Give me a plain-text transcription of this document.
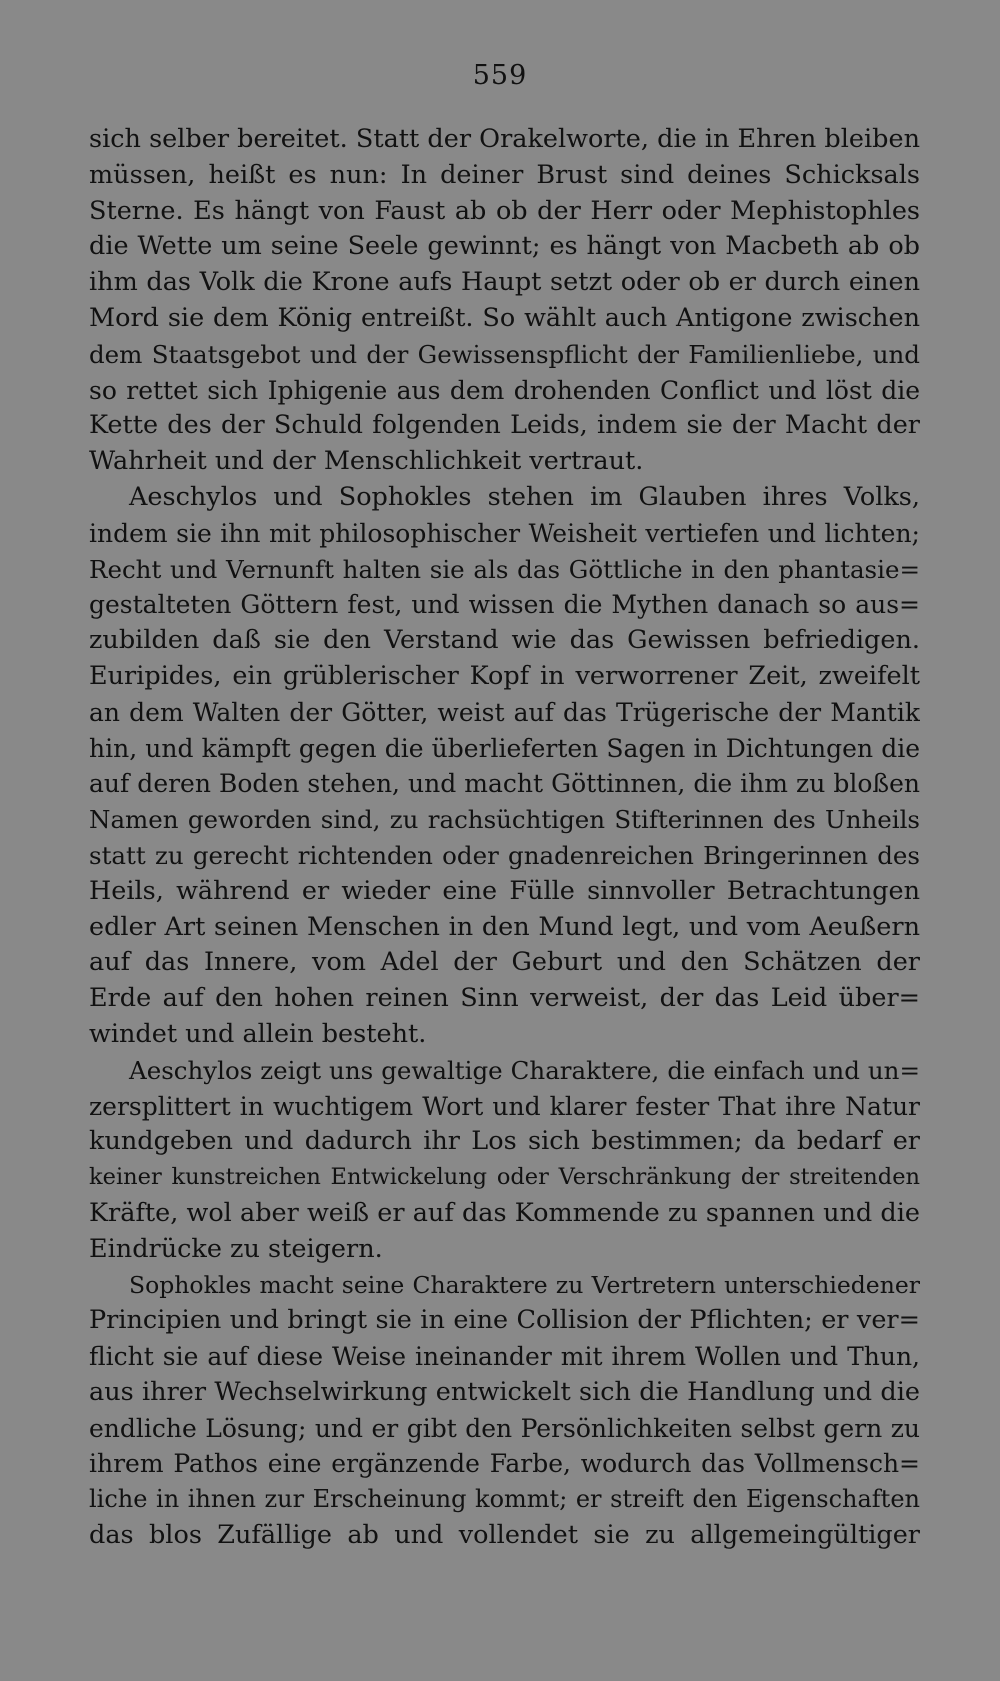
559
sich selber bereitet. Statt der Orakelworte, die in Ehren bleiben
müssen, heißt es nun: In deiner Brust sind deines Schicksals
Sterne. Es hängt von Faust ab ob der Herr oder Mephistophles
die Wette um seine Seele gewinnt; es hängt von Macbeth ab ob
ihm das Volk die Krone aufs Haupt setzt oder ob er durch einen
Mord sie dem König entreißt. So wählt auch Antigone zwischen
dem Staatsgebot und der Gewissenspflicht der Familienliebe, und
so rettet sich Iphigenie aus dem drohenden Conflict und löst die
Kette des der Schuld folgenden Leids, indem sie der Macht der
Wahrheit und der Menschlichkeit vertraut.
Aeschylos und Sophokles stehen im Glauben ihres Volks,
indem sie ihn mit philosophischer Weisheit vertiefen und lichten;
Recht und Vernunft halten sie als das Göttliche in den phantasie=
gestalteten Göttern fest, und wissen die Mythen danach so aus=
zubilden daß sie den Verstand wie das Gewissen befriedigen.
Euripides, ein grüblerischer Kopf in verworrener Zeit, zweifelt
an dem Walten der Götter, weist auf das Trügerische der Mantik
hin, und kämpft gegen die überlieferten Sagen in Dichtungen die
auf deren Boden stehen, und macht Göttinnen, die ihm zu bloßen
Namen geworden sind, zu rachsüchtigen Stifterinnen des Unheils
statt zu gerecht richtenden oder gnadenreichen Bringerinnen des
Heils, während er wieder eine Fülle sinnvoller Betrachtungen
edler Art seinen Menschen in den Mund legt, und vom Aeußern
auf das Innere, vom Adel der Geburt und den Schätzen der
Erde auf den hohen reinen Sinn verweist, der das Leid über=
windet und allein besteht.
Aeschylos zeigt uns gewaltige Charaktere, die einfach und un=
zersplittert in wuchtigem Wort und klarer fester That ihre Natur
kundgeben und dadurch ihr Los sich bestimmen; da bedarf er
keiner kunstreichen Entwickelung oder Verschränkung der streitenden
Kräfte, wol aber weiß er auf das Kommende zu spannen und die
Eindrücke zu steigern.
Sophokles macht seine Charaktere zu Vertretern unterschiedener
Principien und bringt sie in eine Collision der Pflichten; er ver=
flicht sie auf diese Weise ineinander mit ihrem Wollen und Thun,
aus ihrer Wechselwirkung entwickelt sich die Handlung und die
endliche Lösung; und er gibt den Persönlichkeiten selbst gern zu
ihrem Pathos eine ergänzende Farbe, wodurch das Vollmensch=
liche in ihnen zur Erscheinung kommt; er streift den Eigenschaften
das blos Zufällige ab und vollendet sie zu allgemeingültiger
